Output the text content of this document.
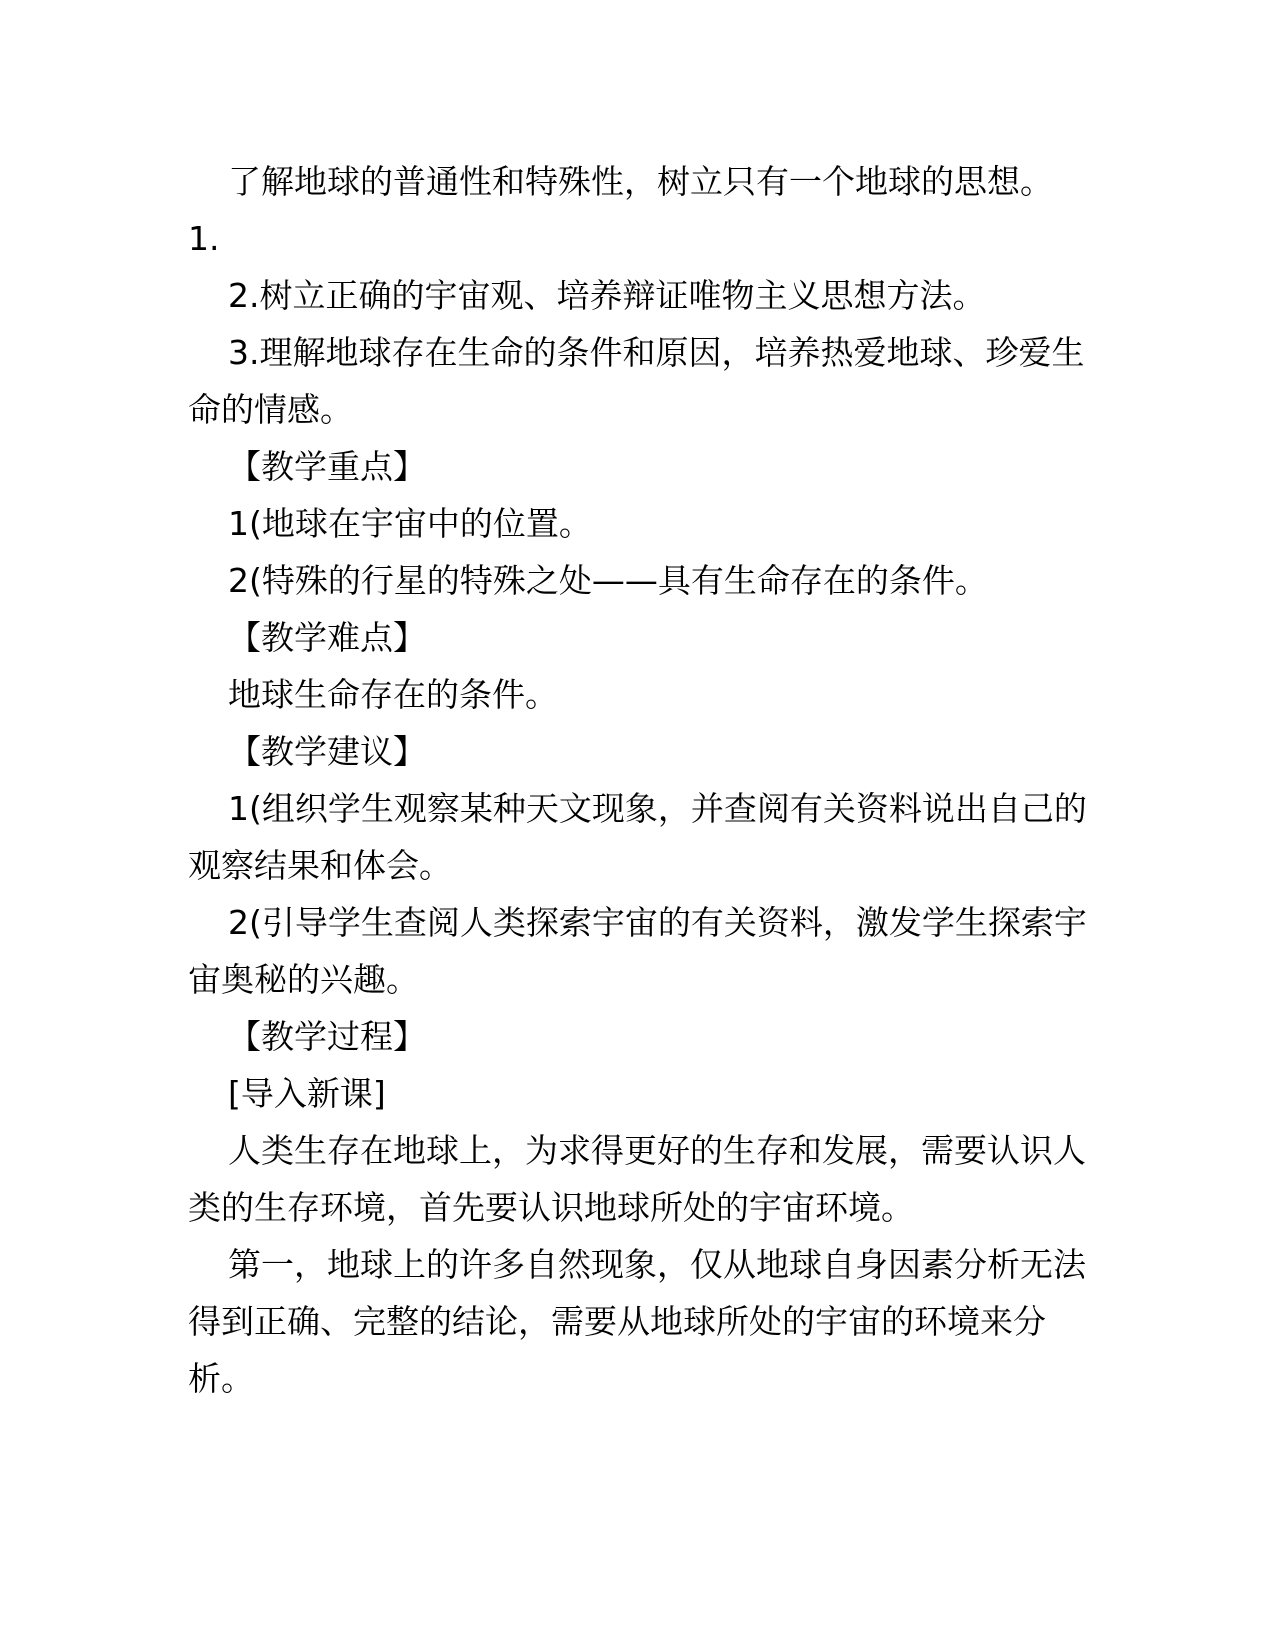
了解地球的普通性和特殊性，树立只有一个地球的思想。

1.

2.树立正确的宇宙观、培养辩证唯物主义思想方法。

3.理解地球存在生命的条件和原因，培养热爱地球、珍爱生命的情感。

【教学重点】

1(地球在宇宙中的位置。

2(特殊的行星的特殊之处——具有生命存在的条件。

【教学难点】

地球生命存在的条件。

【教学建议】

1(组织学生观察某种天文现象，并查阅有关资料说出自己的观察结果和体会。

2(引导学生查阅人类探索宇宙的有关资料，激发学生探索宇宙奥秘的兴趣。

【教学过程】

[导入新课]

人类生存在地球上，为求得更好的生存和发展，需要认识人类的生存环境，首先要认识地球所处的宇宙环境。

第一，地球上的许多自然现象，仅从地球自身因素分析无法得到正确、完整的结论，需要从地球所处的宇宙的环境来分析。
